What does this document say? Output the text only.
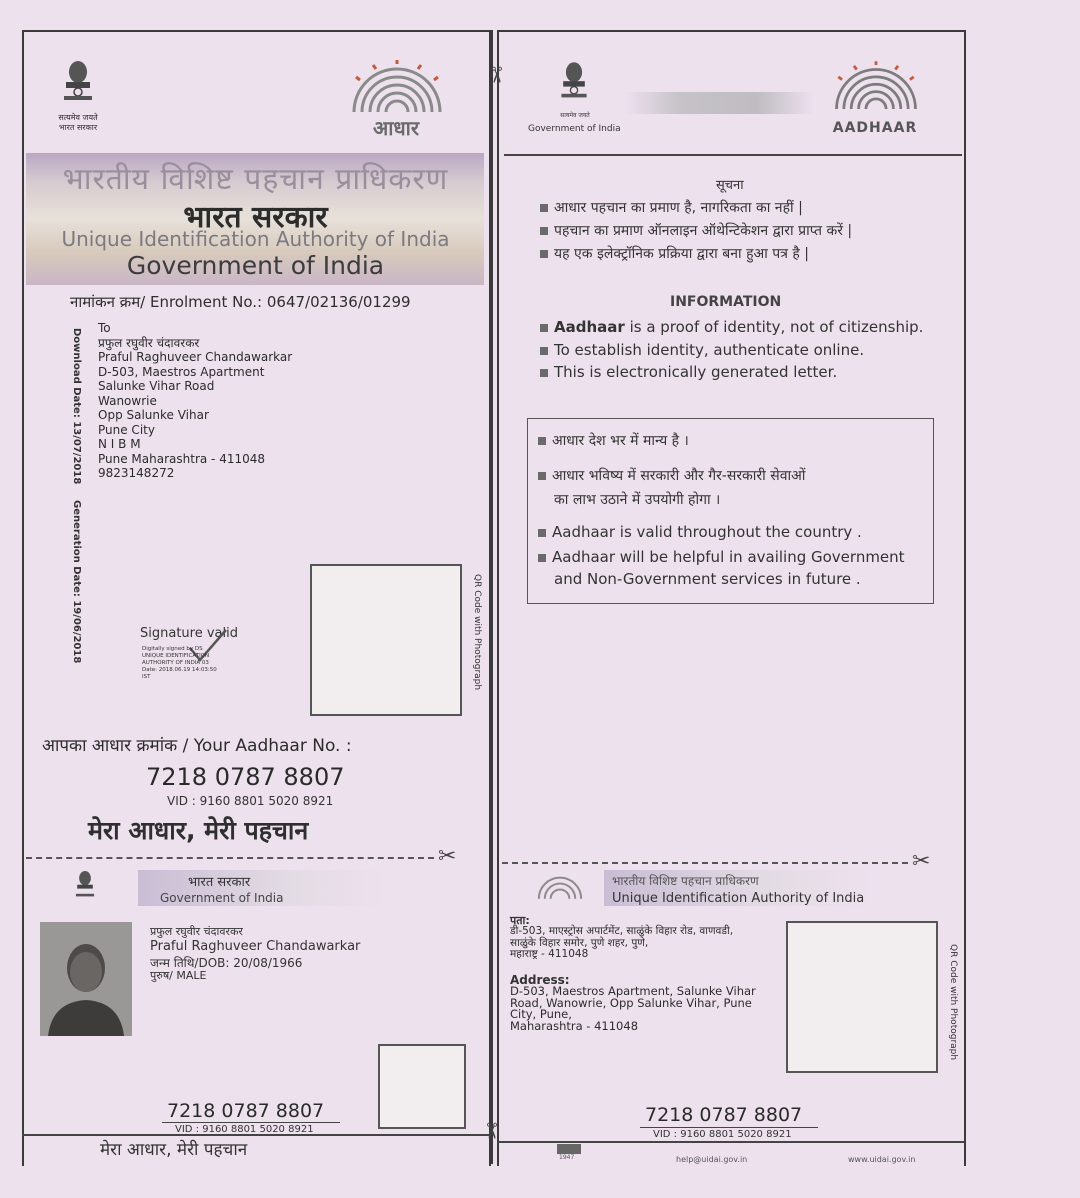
✂
✂
सत्यमेव जयते
भारत सरकार	आधार
भारतीय विशिष्ट पहचान प्राधिकरण
भारत सरकार
Unique Identification Authority of India
Government of India
नामांकन क्रम/ Enrolment No.: 0647/02136/01299
To
प्रफुल रघुवीर चंदावरकर
Praful Raghuveer Chandawarkar
D-503, Maestros Apartment
Salunke Vihar Road
Wanowrie
Opp Salunke Vihar
Pune City
N I B M
Pune Maharashtra - 411048
9823148272
Download Date: 13/07/2018
Generation Date: 19/06/2018	Signature valid
Digitally signed by DS
UNIQUE IDENTIFICATION
AUTHORITY OF INDIA 03
Date: 2018.06.19 14:03:50
IST	QR Code with Photograph
आपका आधार क्रमांक / Your Aadhaar No. :
7218 0787 8807
VID : 9160 8801 5020 8921
मेरा आधार, मेरी पहचान
✂
भारत सरकार
Government of India
प्रफुल रघुवीर चंदावरकर
Praful Raghuveer Chandawarkar
जन्म तिथि/DOB: 20/08/1966
पुरुष/ MALE
7218 0787 8807
VID : 9160 8801 5020 8921
मेरा आधार, मेरी पहचान
सत्यमेव जयते
Government of India	AADHAAR
सूचना
आधार पहचान का प्रमाण है, नागरिकता का नहीं |
पहचान का प्रमाण ऑनलाइन ऑथेन्टिकेशन द्वारा प्राप्त करें |
यह एक इलेक्ट्रॉनिक प्रक्रिया द्वारा बना हुआ पत्र है |
INFORMATION
Aadhaar is a proof of identity, not of citizenship.
To establish identity, authenticate online.
This is electronically generated letter.
आधार देश भर में मान्य है ।
आधार भविष्य में सरकारी और गैर-सरकारी सेवाओं
का लाभ उठाने में उपयोगी होगा ।
Aadhaar is valid throughout the country .
Aadhaar will be helpful in availing Government
and Non-Government services in future .
✂
भारतीय विशिष्ट पहचान प्राधिकरण
Unique Identification Authority of India
पता:
डी-503, माएस्ट्रोस अपार्टमेंट, साळुंके विहार रोड, वाणवडी,
साळुंके विहार समोर, पुणे शहर, पुणे,
महाराष्ट्र - 411048
Address:
D-503, Maestros Apartment, Salunke Vihar
Road, Wanowrie, Opp Salunke Vihar, Pune
City, Pune,
Maharashtra - 411048	QR Code with Photograph
7218 0787 8807
VID : 9160 8801 5020 8921
1947	help@uidai.gov.in	www.uidai.gov.in
